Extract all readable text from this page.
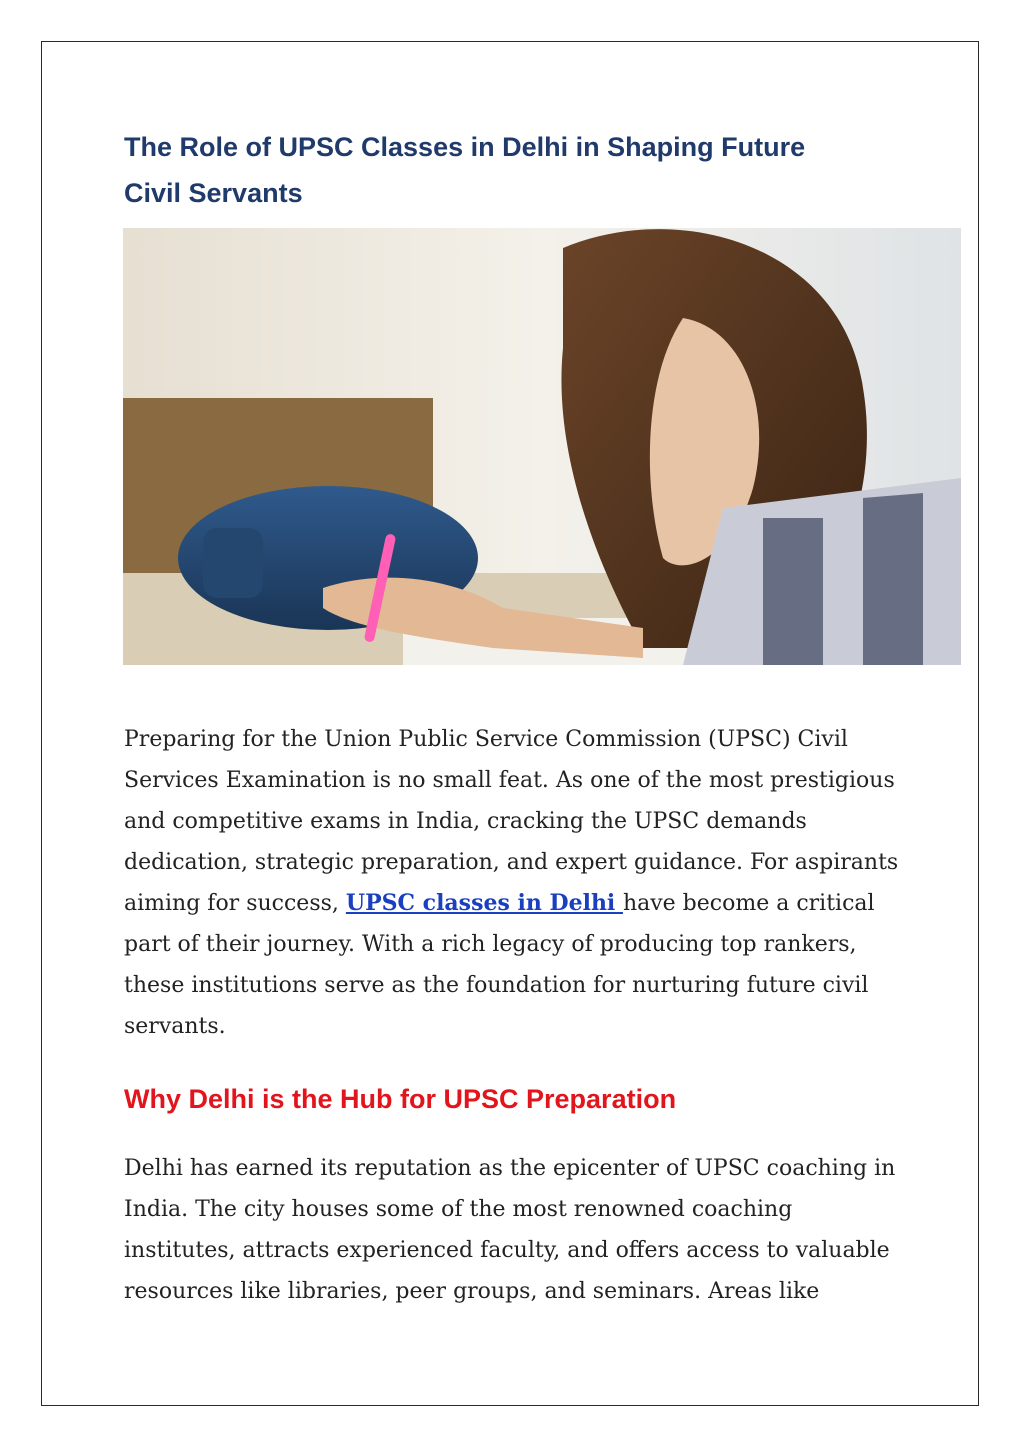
The Role of UPSC Classes in Delhi in Shaping Future
Civil Servants

Preparing for the Union Public Service Commission (UPSC) Civil
Services Examination is no small feat. As one of the most prestigious
and competitive exams in India, cracking the UPSC demands
dedication, strategic preparation, and expert guidance. For aspirants
aiming for success, UPSC classes in Delhi have become a critical
part of their journey. With a rich legacy of producing top rankers,
these institutions serve as the foundation for nurturing future civil
servants.

Why Delhi is the Hub for UPSC Preparation

Delhi has earned its reputation as the epicenter of UPSC coaching in
India. The city houses some of the most renowned coaching
institutes, attracts experienced faculty, and offers access to valuable
resources like libraries, peer groups, and seminars. Areas like
